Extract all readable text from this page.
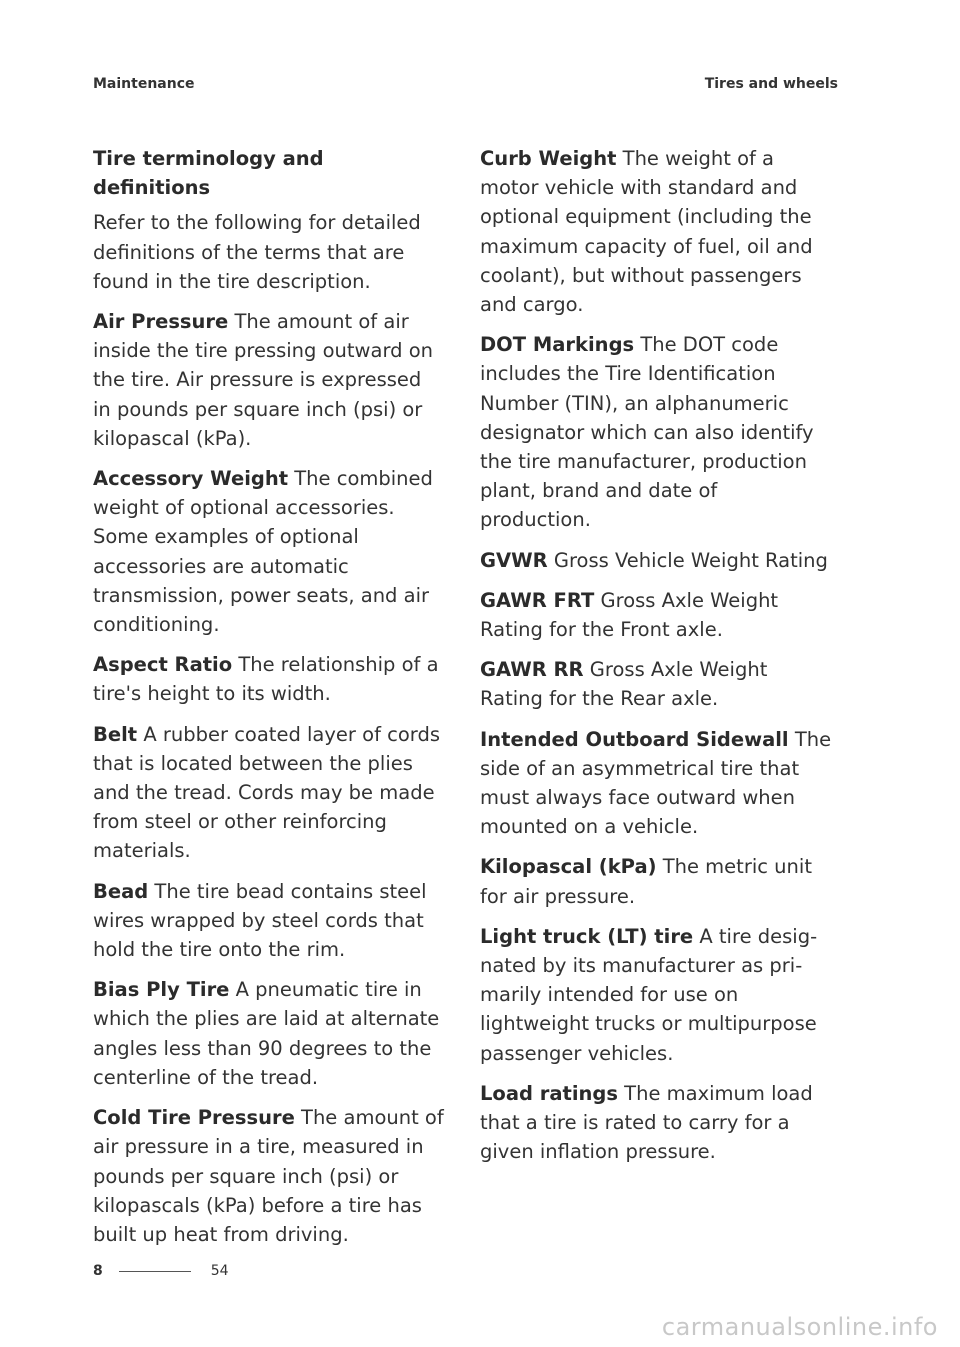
Maintenance	Tires and wheels
Tire terminology and definitions

Refer to the following for detailed definitions of the terms that are found in the tire description.

Air Pressure The amount of air inside the tire pressing outward on the tire. Air pressure is expressed in pounds per square inch (psi) or kilopascal (kPa).

Accessory Weight The combined weight of optional accessories. Some examples of optional accessories are automatic transmission, power seats, and air conditioning.

Aspect Ratio The relationship of a tire's height to its width.

Belt A rubber coated layer of cords that is located between the plies and the tread. Cords may be made from steel or other reinforcing materials.

Bead The tire bead contains steel wires wrapped by steel cords that hold the tire onto the rim.

Bias Ply Tire A pneumatic tire in which the plies are laid at alternate angles less than 90 degrees to the centerline of the tread.

Cold Tire Pressure The amount of air pressure in a tire, measured in pounds per square inch (psi) or kilopascals (kPa) before a tire has built up heat from driving.

Curb Weight The weight of a motor vehicle with standard and optional equipment (including the maximum capacity of fuel, oil and coolant), but without passengers and cargo.

DOT Markings The DOT code includes the Tire Identification Number (TIN), an alphanumeric designator which can also identify the tire manufacturer, production plant, brand and date of production.

GVWR Gross Vehicle Weight Rating

GAWR FRT Gross Axle Weight Rating for the Front axle.

GAWR RR Gross Axle Weight Rating for the Rear axle.

Intended Outboard Sidewall The side of an asymmetrical tire that must always face outward when mounted on a vehicle.

Kilopascal (kPa) The metric unit for air pressure.

Light truck (LT) tire A tire designated by its manufacturer as primarily intended for use on lightweight trucks or multipurpose passenger vehicles.

Load ratings The maximum load that a tire is rated to carry for a given inflation pressure.

8	54
carmanualsonline.info
